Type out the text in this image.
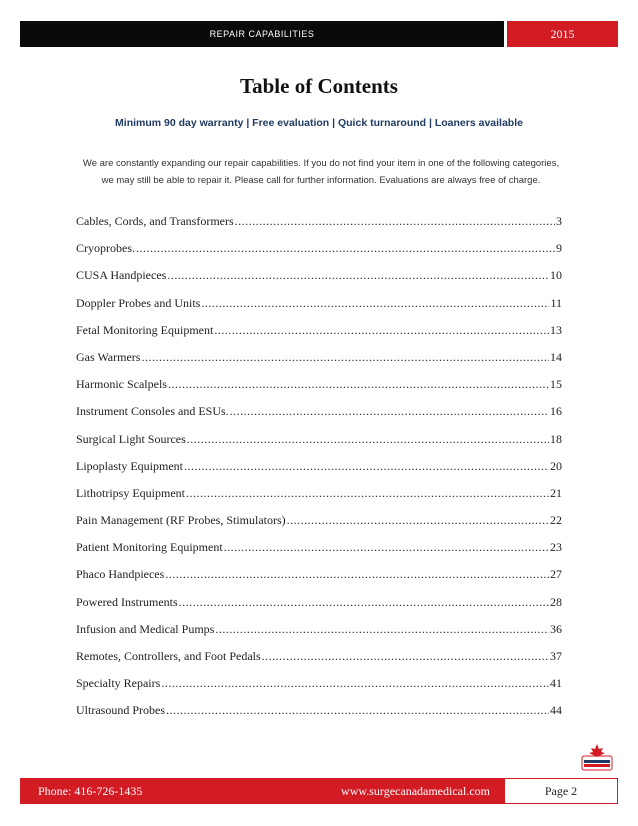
REPAIR CAPABILITIES	2015
Table of Contents
Minimum 90 day warranty | Free evaluation | Quick turnaround | Loaners available
We are constantly expanding our repair capabilities. If you do not find your item in one of the following categories, we may still be able to repair it. Please call for further information. Evaluations are always free of charge.
Cables, Cords, and Transformers .....	3
Cryoprobes. .....	9
CUSA Handpieces .....	10
Doppler Probes and Units .....	11
Fetal Monitoring Equipment .....	13
Gas Warmers .....	14
Harmonic Scalpels .....	15
Instrument Consoles and ESUs. .....	16
Surgical Light Sources .....	18
Lipoplasty Equipment .....	20
Lithotripsy Equipment .....	21
Pain Management (RF Probes, Stimulators) .....	22
Patient Monitoring Equipment .....	23
Phaco Handpieces .....	27
Powered Instruments .....	28
Infusion and Medical Pumps .....	36
Remotes, Controllers, and Foot Pedals .....	37
Specialty Repairs .....	41
Ultrasound Probes .....	44
Phone: 416-726-1435	www.surgecanadamedical.com	Page 2
